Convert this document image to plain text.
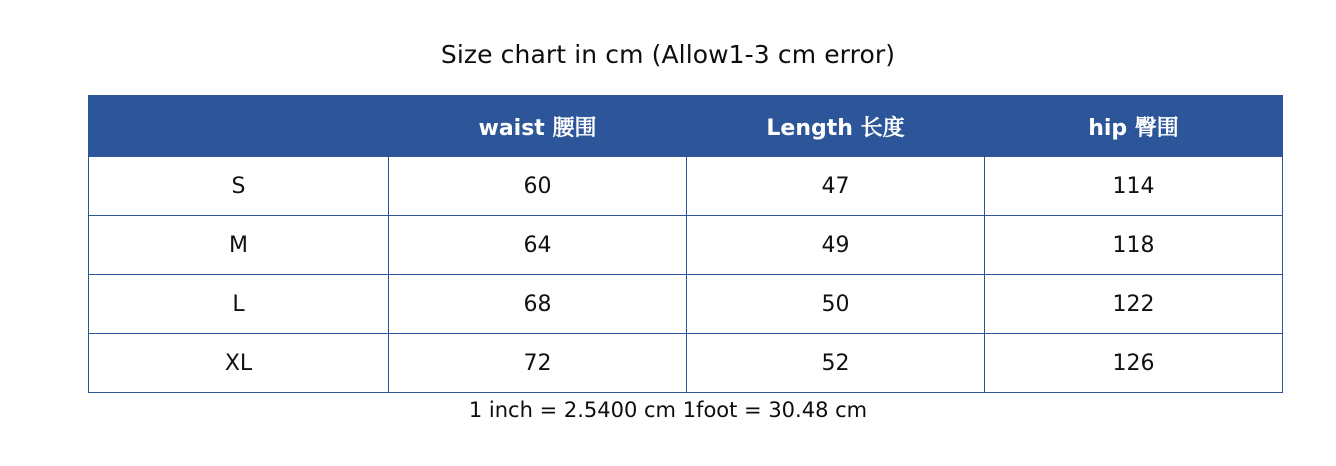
Size chart in cm (Allow1-3 cm error)
	waist 腰围	Length 长度	hip 臀围
S	60	47	114
M	64	49	118
L	68	50	122
XL	72	52	126
1 inch = 2.5400 cm 1foot = 30.48 cm
